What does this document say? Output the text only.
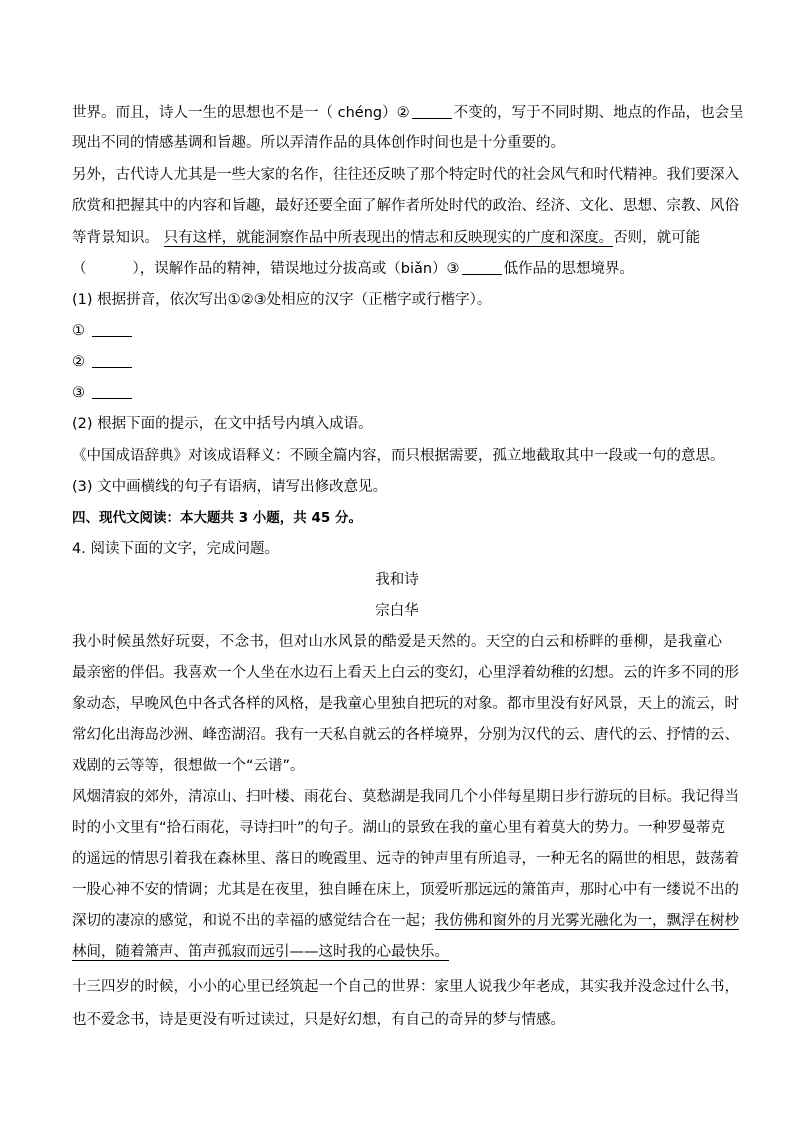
世界。而且，诗人一生的思想也不是一（ chéng）②	不变的，写于不同时期、地点的作品，也会呈
现出不同的情感基调和旨趣。所以弄清作品的具体创作时间也是十分重要的。
另外，古代诗人尤其是一些大家的名作，往往还反映了那个特定时代的社会风气和时代精神。我们要深入
欣赏和把握其中的内容和旨趣，最好还要全面了解作者所处时代的政治、经济、文化、思想、宗教、风俗
等背景知识。 只有这样，就能洞察作品中所表现出的情志和反映现实的广度和深度。否则，就可能
（	），误解作品的精神，错误地过分拔高或（biǎn）③	低作品的思想境界。
(1) 根据拼音，依次写出①②③处相应的汉字（正楷字或行楷字）。
①
②
③
(2) 根据下面的提示，在文中括号内填入成语。
《中国成语辞典》对该成语释义：不顾全篇内容，而只根据需要，孤立地截取其中一段或一句的意思。
(3) 文中画横线的句子有语病，请写出修改意见。
四、现代文阅读：本大题共 3 小题，共 45 分。
4. 阅读下面的文字，完成问题。
我和诗
宗白华
我小时候虽然好玩耍，不念书，但对山水风景的酷爱是天然的。天空的白云和桥畔的垂柳，是我童心
最亲密的伴侣。我喜欢一个人坐在水边石上看天上白云的变幻，心里浮着幼稚的幻想。云的许多不同的形
象动态，早晚风色中各式各样的风格，是我童心里独自把玩的对象。都市里没有好风景，天上的流云，时
常幻化出海岛沙洲、峰峦湖沼。我有一天私自就云的各样境界，分别为汉代的云、唐代的云、抒情的云、
戏剧的云等等，很想做一个“云谱”。
风烟清寂的郊外，清凉山、扫叶楼、雨花台、莫愁湖是我同几个小伴每星期日步行游玩的目标。我记得当
时的小文里有“拾石雨花，寻诗扫叶”的句子。湖山的景致在我的童心里有着莫大的势力。一种罗曼蒂克
的遥远的情思引着我在森林里、落日的晚霞里、远寺的钟声里有所追寻，一种无名的隔世的相思，鼓荡着
一股心神不安的情调；尤其是在夜里，独自睡在床上，顶爱听那远远的箫笛声，那时心中有一缕说不出的
深切的凄凉的感觉，和说不出的幸福的感觉结合在一起；我仿佛和窗外的月光雾光融化为一，飘浮在树杪
林间，随着箫声、笛声孤寂而远引——这时我的心最快乐。
十三四岁的时候，小小的心里已经筑起一个自己的世界：家里人说我少年老成，其实我并没念过什么书，
也不爱念书，诗是更没有听过读过，只是好幻想，有自己的奇异的梦与情感。
